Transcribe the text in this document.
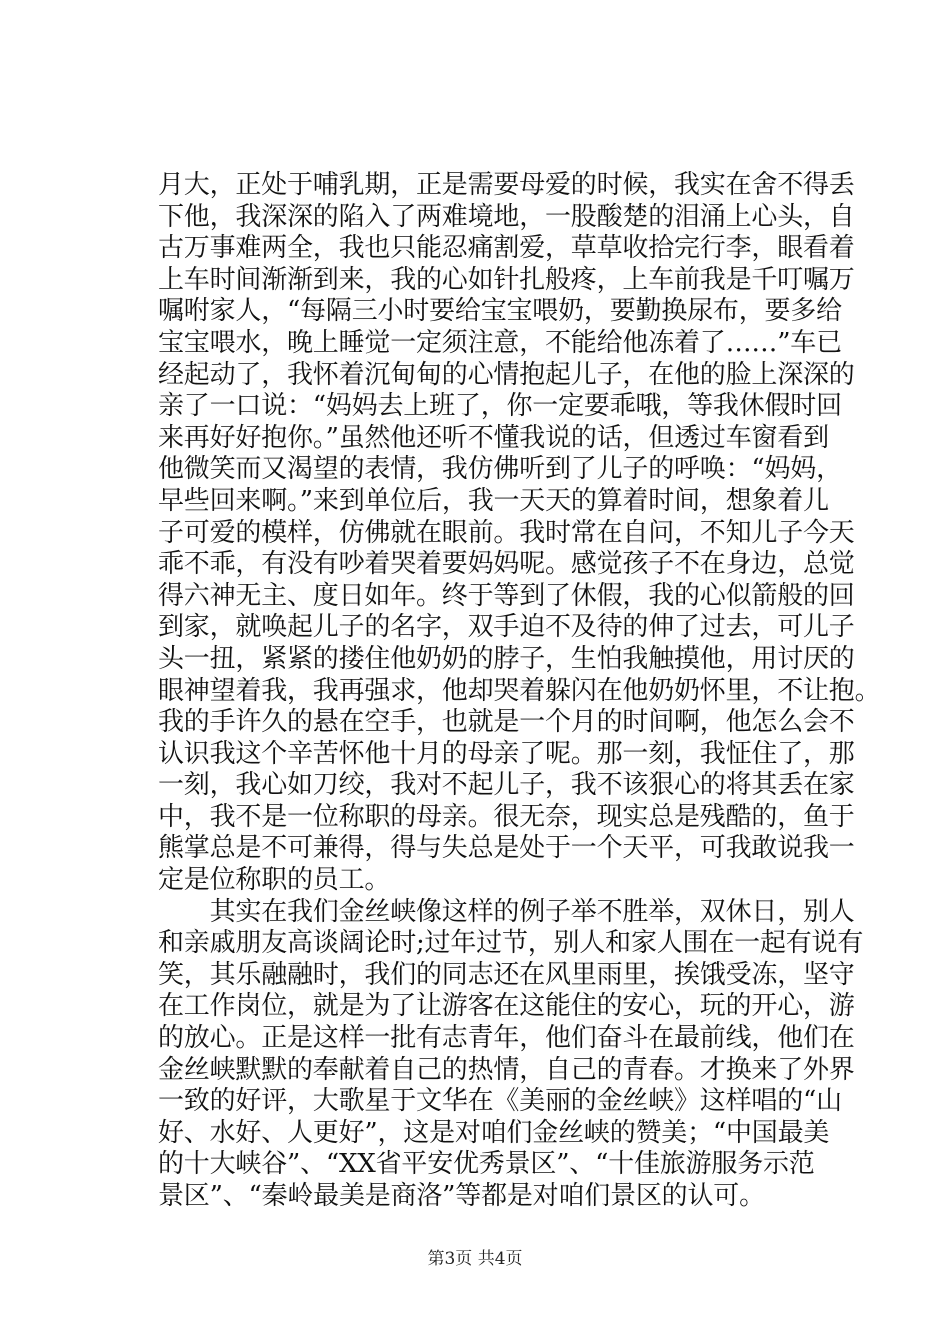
月大，正处于哺乳期，正是需要母爱的时候，我实在舍不得丢
下他，我深深的陷入了两难境地，一股酸楚的泪涌上心头，自
古万事难两全，我也只能忍痛割爱，草草收拾完行李，眼看着
上车时间渐渐到来，我的心如针扎般疼，上车前我是千叮嘱万
嘱咐家人，“每隔三小时要给宝宝喂奶，要勤换尿布，要多给
宝宝喂水，晚上睡觉一定须注意，不能给他冻着了……”车已
经起动了，我怀着沉甸甸的心情抱起儿子，在他的脸上深深的
亲了一口说：“妈妈去上班了，你一定要乖哦，等我休假时回
来再好好抱你。”虽然他还听不懂我说的话，但透过车窗看到
他微笑而又渴望的表情，我仿佛听到了儿子的呼唤：“妈妈，
早些回来啊。”来到单位后，我一天天的算着时间，想象着儿
子可爱的模样，仿佛就在眼前。我时常在自问，不知儿子今天
乖不乖，有没有吵着哭着要妈妈呢。感觉孩子不在身边，总觉
得六神无主、度日如年。终于等到了休假，我的心似箭般的回
到家，就唤起儿子的名字，双手迫不及待的伸了过去，可儿子
头一扭，紧紧的搂住他奶奶的脖子，生怕我触摸他，用讨厌的
眼神望着我，我再强求，他却哭着躲闪在他奶奶怀里，不让抱。
我的手许久的悬在空手，也就是一个月的时间啊，他怎么会不
认识我这个辛苦怀他十月的母亲了呢。那一刻，我怔住了，那
一刻，我心如刀绞，我对不起儿子，我不该狠心的将其丢在家
中，我不是一位称职的母亲。很无奈，现实总是残酷的，鱼于
熊掌总是不可兼得，得与失总是处于一个天平，可我敢说我一
定是位称职的员工。
　　其实在我们金丝峡像这样的例子举不胜举，双休日，别人
和亲戚朋友高谈阔论时;过年过节，别人和家人围在一起有说有
笑，其乐融融时，我们的同志还在风里雨里，挨饿受冻，坚守
在工作岗位，就是为了让游客在这能住的安心，玩的开心，游
的放心。正是这样一批有志青年，他们奋斗在最前线，他们在
金丝峡默默的奉献着自己的热情，自己的青春。才换来了外界
一致的好评，大歌星于文华在《美丽的金丝峡》这样唱的“山
好、水好、人更好”，这是对咱们金丝峡的赞美；“中国最美
的十大峡谷”、“XX省平安优秀景区”、“十佳旅游服务示范
景区”、“秦岭最美是商洛”等都是对咱们景区的认可。
第3页 共4页
